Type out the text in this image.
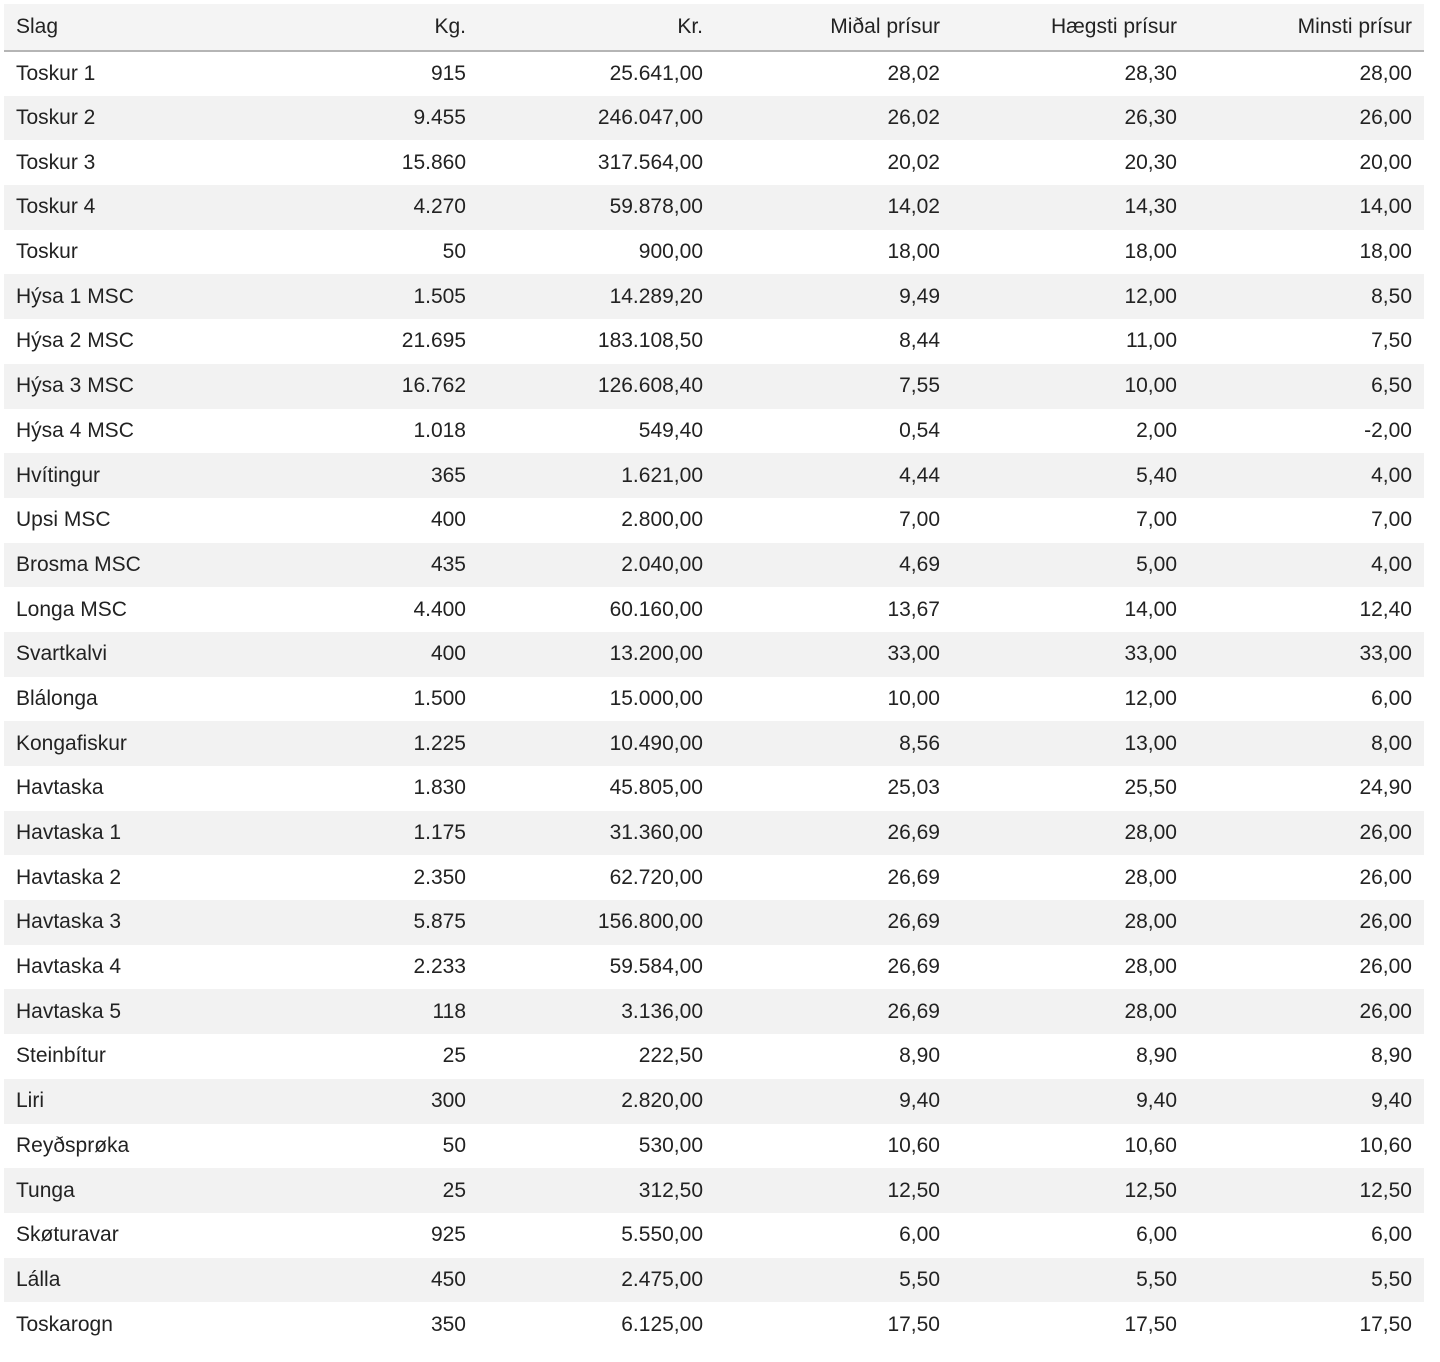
Slag	Kg.	Kr.	Miðal prísur	Hægsti prísur	Minsti prísur
Toskur 1	915	25.641,00	28,02	28,30	28,00
Toskur 2	9.455	246.047,00	26,02	26,30	26,00
Toskur 3	15.860	317.564,00	20,02	20,30	20,00
Toskur 4	4.270	59.878,00	14,02	14,30	14,00
Toskur	50	900,00	18,00	18,00	18,00
Hýsa 1 MSC	1.505	14.289,20	9,49	12,00	8,50
Hýsa 2 MSC	21.695	183.108,50	8,44	11,00	7,50
Hýsa 3 MSC	16.762	126.608,40	7,55	10,00	6,50
Hýsa 4 MSC	1.018	549,40	0,54	2,00	-2,00
Hvítingur	365	1.621,00	4,44	5,40	4,00
Upsi MSC	400	2.800,00	7,00	7,00	7,00
Brosma MSC	435	2.040,00	4,69	5,00	4,00
Longa MSC	4.400	60.160,00	13,67	14,00	12,40
Svartkalvi	400	13.200,00	33,00	33,00	33,00
Blálonga	1.500	15.000,00	10,00	12,00	6,00
Kongafiskur	1.225	10.490,00	8,56	13,00	8,00
Havtaska	1.830	45.805,00	25,03	25,50	24,90
Havtaska 1	1.175	31.360,00	26,69	28,00	26,00
Havtaska 2	2.350	62.720,00	26,69	28,00	26,00
Havtaska 3	5.875	156.800,00	26,69	28,00	26,00
Havtaska 4	2.233	59.584,00	26,69	28,00	26,00
Havtaska 5	118	3.136,00	26,69	28,00	26,00
Steinbítur	25	222,50	8,90	8,90	8,90
Liri	300	2.820,00	9,40	9,40	9,40
Reyðsprøka	50	530,00	10,60	10,60	10,60
Tunga	25	312,50	12,50	12,50	12,50
Skøturavar	925	5.550,00	6,00	6,00	6,00
Lálla	450	2.475,00	5,50	5,50	5,50
Toskarogn	350	6.125,00	17,50	17,50	17,50
